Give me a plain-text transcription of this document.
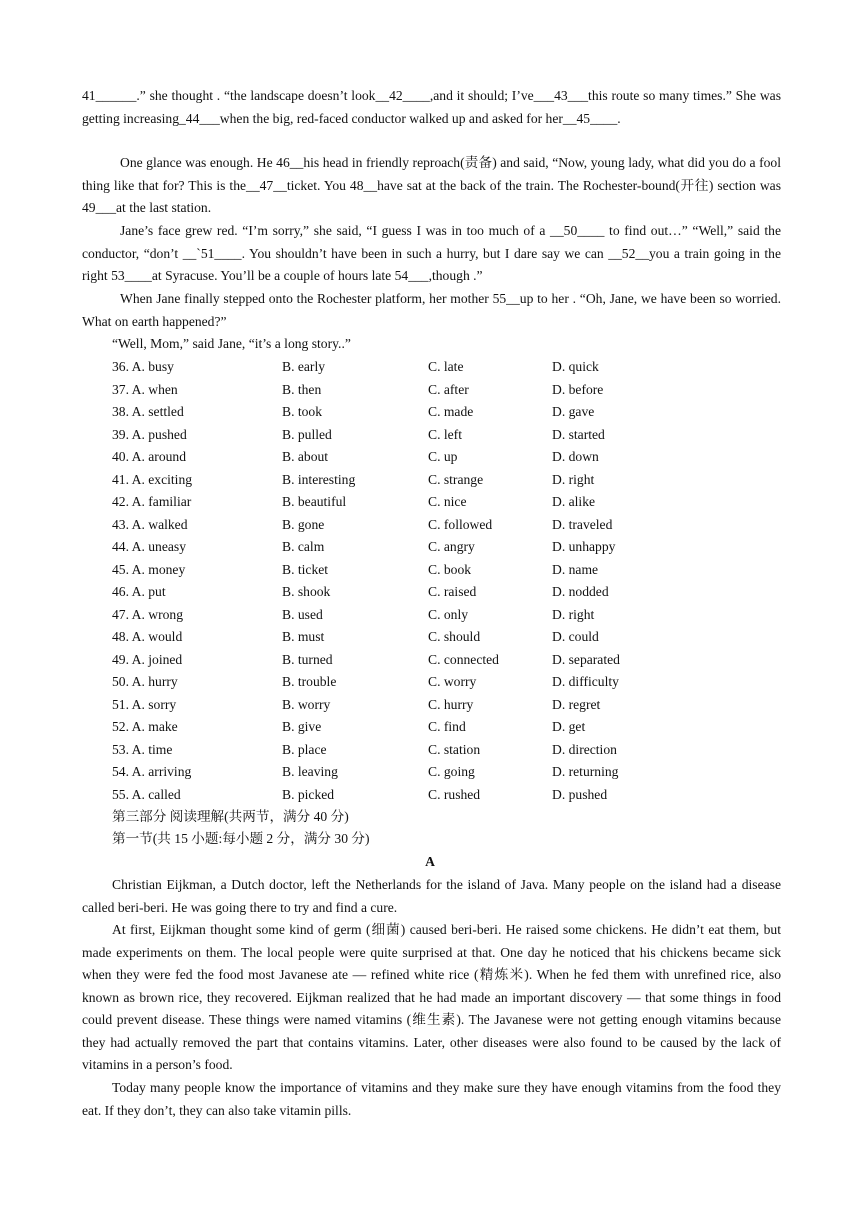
41______.” she thought . “the landscape doesn’t look__42____,and it should; I’ve___43___this route so many times.” She was getting increasing_44___when the big, red-faced conductor walked up and asked for her__45____.

One glance was enough. He 46__his head in friendly reproach(责备) and said, “Now, young lady, what did you do a fool thing like that for? This is the__47__ticket. You 48__have sat at the back of the train. The Rochester-bound(开往) section was 49___at the last station.

Jane’s face grew red. “I’m sorry,” she said, “I guess I was in too much of a __50____ to find out…” “Well,” said the conductor, “don’t __`51____. You shouldn’t have been in such a hurry, but I dare say we can __52__you a train going in the right 53____at Syracuse. You’ll be a couple of hours late 54___,though .”

When Jane finally stepped onto the Rochester platform, her mother 55__up to her . “Oh, Jane, we have been so worried. What on earth happened?”

“Well, Mom,” said Jane, “it’s a long story..”

36. A. busy	B. early	C. late	D. quick
37. A. when	B. then	C. after	D. before
38. A. settled	B. took	C. made	D. gave
39. A. pushed	B. pulled	C. left	D. started
40. A. around	B. about	C. up	D. down
41. A. exciting	B. interesting	C. strange	D. right
42. A. familiar	B. beautiful	C. nice	D. alike
43. A. walked	B. gone	C. followed	D. traveled
44. A. uneasy	B. calm	C. angry	D. unhappy
45. A. money	B. ticket	C. book	D. name
46. A. put	B. shook	C. raised	D. nodded
47. A. wrong	B. used	C. only	D. right
48. A. would	B. must	C. should	D. could
49. A. joined	B. turned	C. connected	D. separated
50. A. hurry	B. trouble	C. worry	D. difficulty
51. A. sorry	B. worry	C. hurry	D. regret
52. A. make	B. give	C. find	D. get
53. A. time	B. place	C. station	D. direction
54. A. arriving	B. leaving	C. going	D. returning
55. A. called	B. picked	C. rushed	D. pushed
第三部分 阅读理解(共两节，满分 40 分)
第一节(共 15 小题:每小题 2 分，满分 30 分)
A

Christian Eijkman, a Dutch doctor, left the Netherlands for the island of Java. Many people on the island had a disease called beri-beri. He was going there to try and find a cure.

At first, Eijkman thought some kind of germ (细菌) caused beri-beri. He raised some chickens. He didn’t eat them, but made experiments on them. The local people were quite surprised at that. One day he noticed that his chickens became sick when they were fed the food most Javanese ate — refined white rice (精炼米). When he fed them with unrefined rice, also known as brown rice, they recovered. Eijkman realized that he had made an important discovery — that some things in food could prevent disease. These things were named vitamins (维生素). The Javanese were not getting enough vitamins because they had actually removed the part that contains vitamins. Later, other diseases were also found to be caused by the lack of vitamins in a person’s food.

Today many people know the importance of vitamins and they make sure they have enough vitamins from the food they eat. If they don’t, they can also take vitamin pills.
